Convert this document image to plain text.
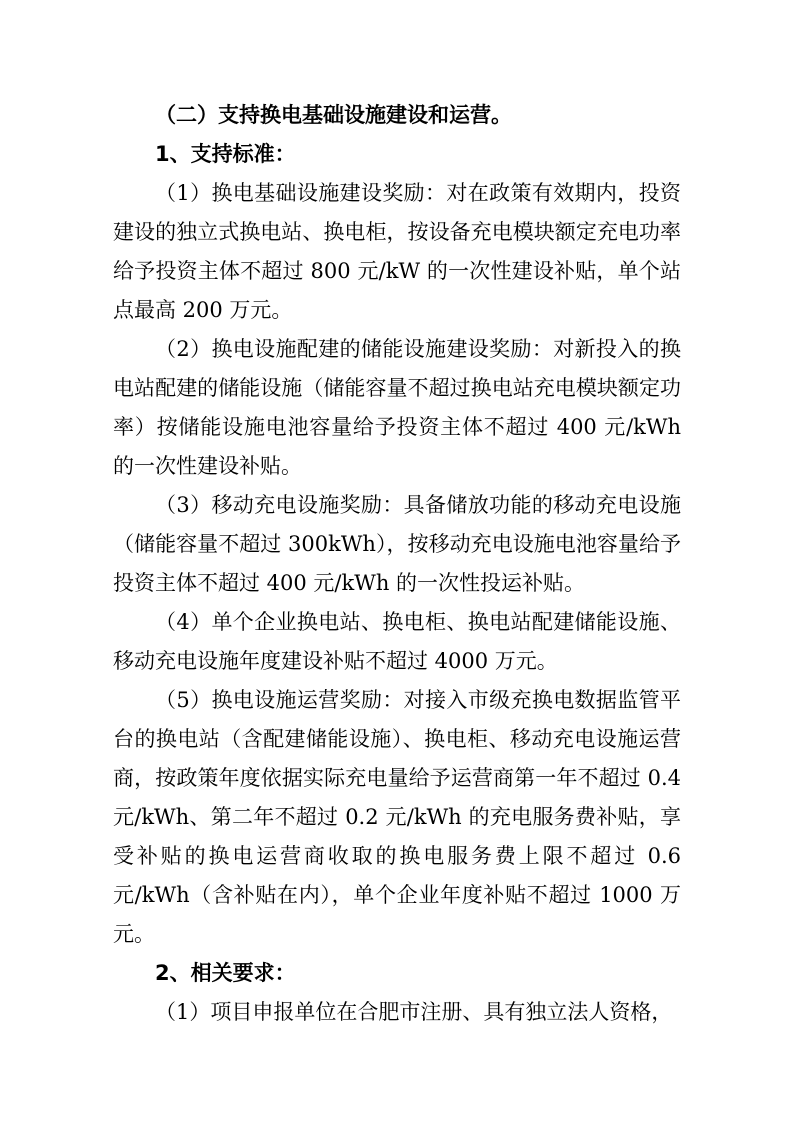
（二）支持换电基础设施建设和运营。

1、支持标准：

（1）换电基础设施建设奖励：对在政策有效期内，投资建设的独立式换电站、换电柜，按设备充电模块额定充电功率给予投资主体不超过 800 元/kW 的一次性建设补贴，单个站点最高 200 万元。

（2）换电设施配建的储能设施建设奖励：对新投入的换电站配建的储能设施（储能容量不超过换电站充电模块额定功率）按储能设施电池容量给予投资主体不超过 400 元/kWh 的一次性建设补贴。

（3）移动充电设施奖励：具备储放功能的移动充电设施（储能容量不超过 300kWh），按移动充电设施电池容量给予投资主体不超过 400 元/kWh 的一次性投运补贴。

（4）单个企业换电站、换电柜、换电站配建储能设施、移动充电设施年度建设补贴不超过 4000 万元。

（5）换电设施运营奖励：对接入市级充换电数据监管平台的换电站（含配建储能设施）、换电柜、移动充电设施运营商，按政策年度依据实际充电量给予运营商第一年不超过 0.4 元/kWh、第二年不超过 0.2 元/kWh 的充电服务费补贴，享受补贴的换电运营商收取的换电服务费上限不超过 0.6 元/kWh（含补贴在内），单个企业年度补贴不超过 1000 万元。

2、相关要求：

（1）项目申报单位在合肥市注册、具有独立法人资格，
